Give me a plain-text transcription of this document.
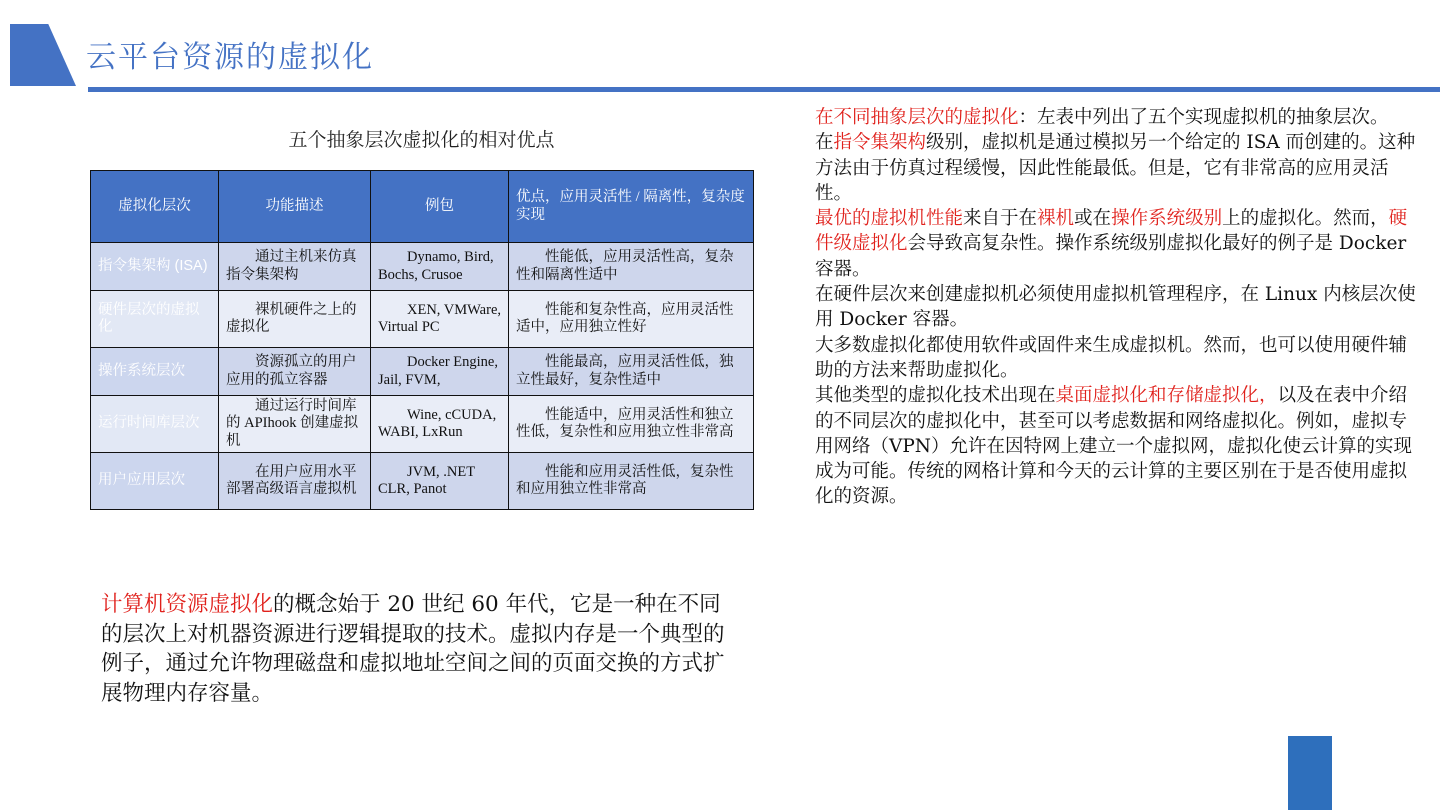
云平台资源的虚拟化
五个抽象层次虚拟化的相对优点
虚拟化层次	功能描述	例包	优点，应用灵活性 / 隔离性，复杂度实现
指令集架构 (ISA)	通过主机来仿真指令集架构	Dynamo, Bird, Bochs, Crusoe	性能低，应用灵活性高，复杂性和隔离性适中
硬件层次的虚拟化	裸机硬件之上的虚拟化	XEN, VMWare, Virtual PC	性能和复杂性高，应用灵活性适中，应用独立性好
操作系统层次	资源孤立的用户应用的孤立容器	Docker Engine, Jail, FVM,	性能最高，应用灵活性低，独立性最好，复杂性适中
运行时间库层次	通过运行时间库的 APIhook 创建虚拟机	Wine, cCUDA, WABI, LxRun	性能适中，应用灵活性和独立性低，复杂性和应用独立性非常高
用户应用层次	在用户应用水平部署高级语言虚拟机	JVM, .NET CLR, Panot	性能和应用灵活性低，复杂性和应用独立性非常高

在不同抽象层次的虚拟化：左表中列出了五个实现虚拟机的抽象层次。

在指令集架构级别，虚拟机是通过模拟另一个给定的 ISA 而创建的。这种方法由于仿真过程缓慢，因此性能最低。但是，它有非常高的应用灵活性。

最优的虚拟机性能来自于在裸机或在操作系统级别上的虚拟化。然而，硬件级虚拟化会导致高复杂性。操作系统级别虚拟化最好的例子是 Docker 容器。

在硬件层次来创建虚拟机必须使用虚拟机管理程序，在 Linux 内核层次使用 Docker 容器。

大多数虚拟化都使用软件或固件来生成虚拟机。然而，也可以使用硬件辅助的方法来帮助虚拟化。

其他类型的虚拟化技术出现在桌面虚拟化和存储虚拟化，以及在表中介绍的不同层次的虚拟化中，甚至可以考虑数据和网络虚拟化。例如，虚拟专用网络（VPN）允许在因特网上建立一个虚拟网，虚拟化使云计算的实现成为可能。传统的网格计算和今天的云计算的主要区别在于是否使用虚拟化的资源。

计算机资源虚拟化的概念始于 20 世纪 60 年代，它是一种在不同的层次上对机器资源进行逻辑提取的技术。虚拟内存是一个典型的例子，通过允许物理磁盘和虚拟地址空间之间的页面交换的方式扩展物理内存容量。
